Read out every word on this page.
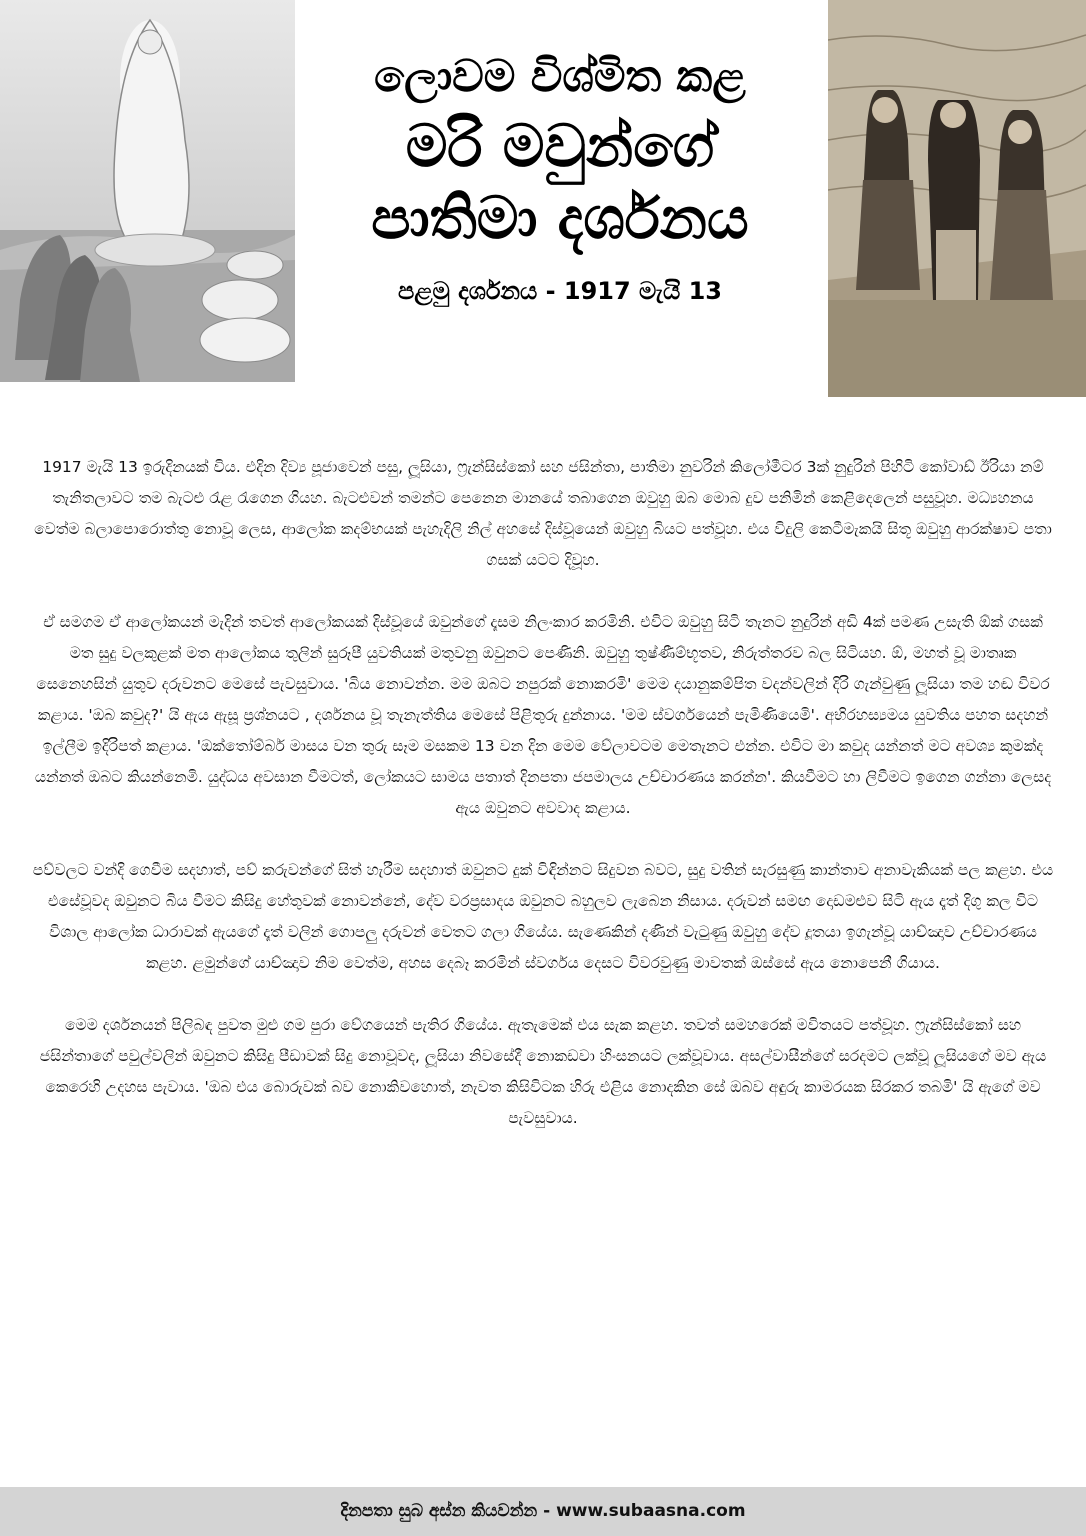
ලොවම විශ්මිත කළ
මරි මවුන්ගේ
පාතිමා දර්ශනය
පළමු දර්ශනය - 1917 මැයි 13

1917 මැයි 13 ඉරුදිනයක් විය. එදින දිව්‍ය පූජාවෙන් පසු, ලූසියා, ෆ්‍රැන්සිස්කෝ සහ ජසින්තා, පාතිමා නුවරින් කිලෝමීටර 3ක් නුදුරින් පිහිටි කෝවාඩ් ඊරියා නම් තැනිතලාවට තම බැටළු රැළ රැගෙන ගියහ. බැටළුවන් තමන්ට පෙනෙන මානයේ තබාගෙන ඔවුහු ඔබ මොබ දුව පනිමින් කෙළිදෙලෙන් පසුවූහ. මධ්‍යහනය වෙත්ම බලාපොරොත්තු නොවූ ලෙස, ආලෝක කදම්භයක් පැහැදිලි නිල් අහසේ දිස්වූයෙන් ඔවුහු බියට පත්වූහ. එය විදුලි කෙටීමැකයි සිතූ ඔවුහු ආරක්ෂාව පතා ගසක් යටට දිවූහ.

ඒ සමගම ඒ ආලෝකයන් මැදින් තවත් ආලෝකයක් දිස්වූයේ ඔවුන්ගේ දෑසම නිලංකාර කරමිනි. එවිට ඔවුහු සිටි තැනට නුදුරින් අඩි 4ක් පමණ උසැති ඕක් ගසක් මත සුදු වලකුළක් මත ආලෝකය තුලින් සුරූපී යුවතියක් මතුවනු ඔවුනට පෙණිනි. ඔවුහු තුෂ්ණීම්භූතව, නිරුත්තරව බල සිටියහ. ඕ, මහත් වූ මාතෘක සෙනෙහසින් යුතුව දරුවනට මෙසේ පැවසුවාය. 'බිය නොවන්න. මම ඔබට නපුරක් නොකරමි' මෙම දයානුකම්පිත වදන්වලින් දිරි ගැන්වුණු ලූසියා තම හඬ විවර කළාය. 'ඔබ කවුද?' යි ඇය ඇසූ ප්‍රශ්නයට , දර්ශනය වූ තැනැත්තිය මෙසේ පිළිතුරු දුන්නාය. 'මම ස්වර්ගයෙන් පැමිණියෙමි'. අභිරහස්‍යමය යුවතිය පහත සදහන් ඉල්ලීම ඉදිරිපත් කළාය. 'ඔක්තෝම්බර් මාසය වන තුරු සෑම මසකම 13 වන දින මෙම වේලාවටම මෙතැනට එන්න. එවිට මා කවුද යන්නත් මට අවශ්‍ය කුමක්ද යන්නත් ඔබට කියන්නෙමි. යුද්ධය අවසාන වීමටත්, ලෝකයට සාමය පතාත් දිනපතා ජපමාලය උච්චාරණය කරන්න'. කියවීමට හා ලිවීමට ඉගෙන ගන්නා ලෙසද ඇය ඔවුනට අවවාද කළාය.

පව්වලට වන්දි ගෙවීම සදහාත්, පව් කරුවන්ගේ සිත් හැරීම සදහාත් ඔවුනට දුක් විඳින්නට සිදුවන බවට, සුදු වතින් සැරසුණු කාන්තාව අනාවැකියක් පල කළහ. එය එසේවූවද ඔවුනට බිය වීමට කිසිදු හේතුවක් නොවන්නේ, දේව වරප්‍රසාදය ඔවුනට බහුලව ලැබෙන නිසාය. දරුවන් සමඟ දොඩමළුව සිටි ඇය දෑත් දිගු කල විට විශාල ආලෝක ධාරාවක් ඇයගේ දෑත් වලින් ගොපලු දරුවන් වෙතට ගලා ගියේය. සැණෙකින් දණින් වැටුණු ඔවුහු දේව දූතයා ඉගැන්වූ යාච්ඤාව උච්චාරණය කළහ. ළමුන්ගේ යාච්ඤාව නිම වෙත්ම, අහස දෙබෑ කරමින් ස්වර්ගය දෙසට විවරවුණු මාවතක් ඔස්සේ ඇය නොපෙනී ගියාය.

මෙම දර්ශනයන් පිලිබඳ පුවත මුළු ගම පුරා වේගයෙන් පැතිර ගියේය. ඇතැමෙක් එය සැක කළහ. තවත් සමහරෙක් මවිතයට පත්වූහ. ෆ්‍රැන්සිස්කෝ සහ ජසින්තාගේ පවුල්වලින් ඔවුනට කිසිදු පීඩාවක් සිදු නොවූවද, ලූසියා නිවසේදී නොකඩවා හිංසනයට ලක්වූවාය. අසල්වාසීන්ගේ සරදමට ලක්වූ ලූසියගේ මව ඇය කෙරෙහි උදහස පැවාය. 'ඔබ එය බොරුවක් බව නොකිවහොත්, නැවත කිසිවිටක හිරු එළිය නොදකින සේ ඔබව අඳුරු කාමරයක සිරකර තබමි' යි ඇගේ මව පැවසුවාය.

දිනපතා සුබ අස්න කියවන්න - www.subaasna.com
